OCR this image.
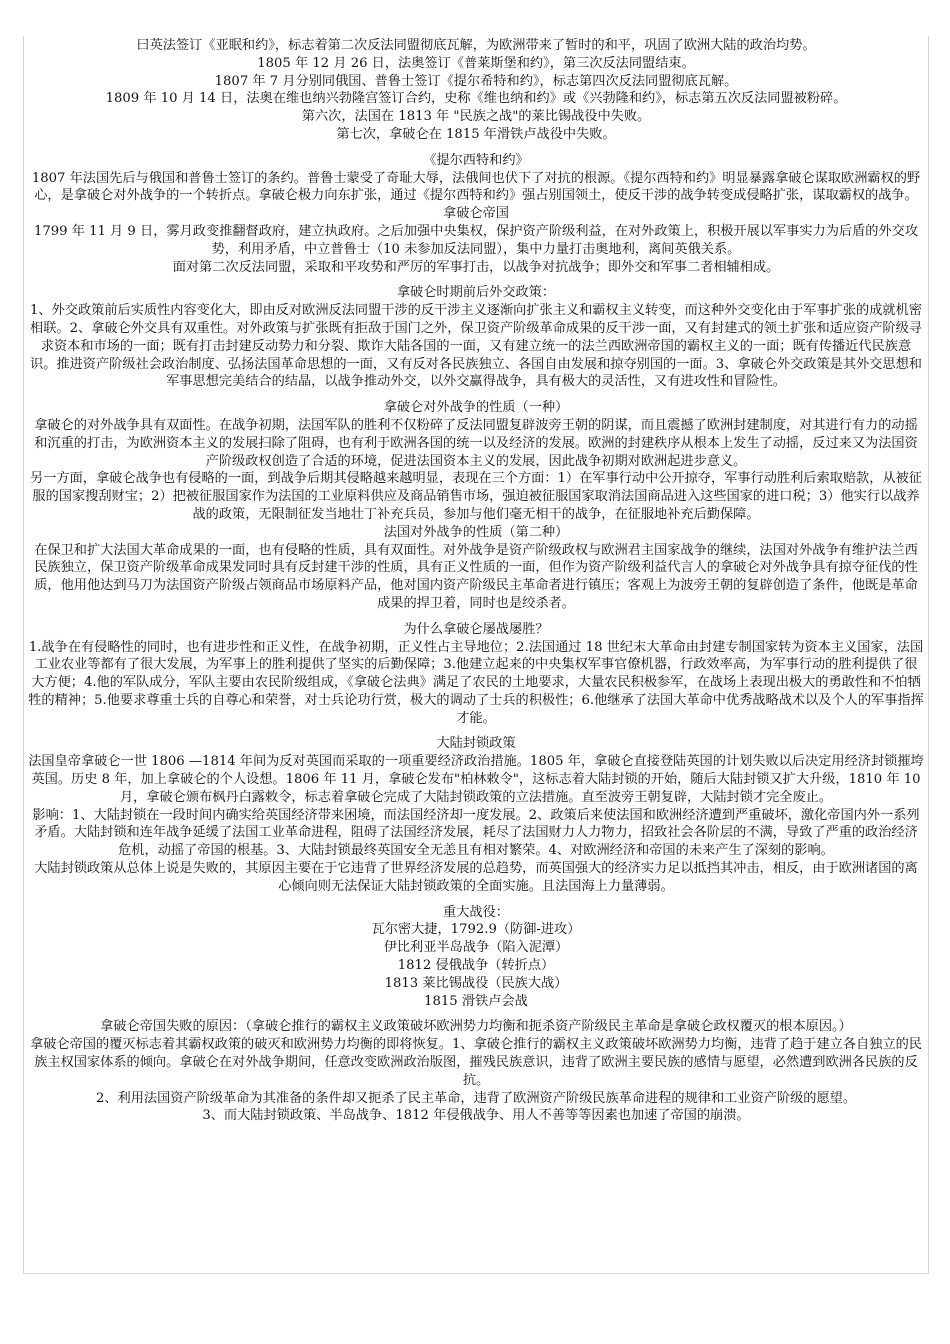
曰英法签订《亚眠和约》，标志着第二次反法同盟彻底瓦解，为欧洲带来了暂时的和平，巩固了欧洲大陆的政治均势。

1805 年 12 月 26 日，法奥签订《普莱斯堡和约》，第三次反法同盟结束。

1807 年 7 月分别同俄国、普鲁士签订《提尔希特和约》，标志第四次反法同盟彻底瓦解。

1809 年 10 月 14 日，法奥在维也纳兴勃隆宫签订合约，史称《维也纳和约》或《兴勃隆和约》，标志第五次反法同盟被粉碎。

第六次，法国在 1813 年 "民族之战"的莱比锡战役中失败。

第七次，拿破仑在 1815 年滑铁卢战役中失败。

《提尔西特和约》

1807 年法国先后与俄国和普鲁士签订的条约。普鲁士蒙受了奇耻大辱，法俄间也伏下了对抗的根源。《提尔西特和约》明显暴露拿破仑谋取欧洲霸权的野心，是拿破仑对外战争的一个转折点。拿破仑极力向东扩张，通过《提尔西特和约》强占别国领土，使反干涉的战争转变成侵略扩张，谋取霸权的战争。

拿破仑帝国

1799 年 11 月 9 日，雾月政变推翻督政府，建立执政府。之后加强中央集权，保护资产阶级利益，在对外政策上，积极开展以军事实力为后盾的外交攻势，利用矛盾，中立普鲁士（10 未参加反法同盟），集中力量打击奥地利，离间英俄关系。

面对第二次反法同盟，采取和平攻势和严厉的军事打击，以战争对抗战争；即外交和军事二者相辅相成。

拿破仑时期前后外交政策：

1、外交政策前后实质性内容变化大，即由反对欧洲反法同盟干涉的反干涉主义逐渐向扩张主义和霸权主义转变，而这种外交变化由于军事扩张的成就机密相联。2、拿破仑外交具有双重性。对外政策与扩张既有拒敌于国门之外，保卫资产阶级革命成果的反干涉一面，又有封建式的领土扩张和适应资产阶级寻求资本和市场的一面；既有打击封建反动势力和分裂、欺诈大陆各国的一面，又有建立统一的法兰西欧洲帝国的霸权主义的一面；既有传播近代民族意识。推进资产阶级社会政治制度、弘扬法国革命思想的一面，又有反对各民族独立、各国自由发展和掠夺别国的一面。3、拿破仑外交政策是其外交思想和军事思想完美结合的结晶，以战争推动外交，以外交赢得战争，具有极大的灵活性，又有进攻性和冒险性。

拿破仑对外战争的性质（一种）

拿破仑的对外战争具有双面性。在战争初期，法国军队的胜利不仅粉碎了反法同盟复辟波旁王朝的阴谋，而且震撼了欧洲封建制度，对其进行有力的动摇和沉重的打击，为欧洲资本主义的发展扫除了阻碍，也有利于欧洲各国的统一以及经济的发展。欧洲的封建秩序从根本上发生了动摇，反过来又为法国资产阶级政权创造了合适的环境，促进法国资本主义的发展，因此战争初期对欧洲起进步意义。

另一方面，拿破仑战争也有侵略的一面，到战争后期其侵略越来越明显，表现在三个方面：1）在军事行动中公开掠夺，军事行动胜利后索取赔款，从被征服的国家搜刮财宝；2）把被征服国家作为法国的工业原料供应及商品销售市场，强迫被征服国家取消法国商品进入这些国家的进口税；3）他实行以战养战的政策，无限制征发当地壮丁补充兵员，参加与他们毫无相干的战争，在征服地补充后勤保障。

法国对外战争的性质（第二种）

在保卫和扩大法国大革命成果的一面，也有侵略的性质，具有双面性。对外战争是资产阶级政权与欧洲君主国家战争的继续，法国对外战争有维护法兰西民族独立，保卫资产阶级革命成果发同时具有反封建干涉的性质，具有正义性质的一面，但作为资产阶级利益代言人的拿破仑对外战争具有掠夺征伐的性质，他用他达到马刀为法国资产阶级占领商品市场原料产品，他对国内资产阶级民主革命者进行镇压；客观上为波旁王朝的复辟创造了条件，他既是革命成果的捍卫着，同时也是绞杀者。

为什么拿破仑屡战屡胜？

1.战争在有侵略性的同时，也有进步性和正义性，在战争初期，正义性占主导地位；2.法国通过 18 世纪末大革命由封建专制国家转为资本主义国家，法国工业农业等都有了很大发展，为军事上的胜利提供了坚实的后勤保障；3.他建立起来的中央集权军事官僚机器，行政效率高，为军事行动的胜利提供了很大方便；4.他的军队成分，军队主要由农民阶级组成，《拿破仑法典》满足了农民的土地要求，大量农民积极参军，在战场上表现出极大的勇敢性和不怕牺牲的精神；5.他要求尊重士兵的自尊心和荣誉，对士兵论功行赏，极大的调动了士兵的积极性；6.他继承了法国大革命中优秀战略战术以及个人的军事指挥才能。

大陆封锁政策

法国皇帝拿破仑一世 1806 —1814 年间为反对英国而采取的一项重要经济政治措施。1805 年，拿破仑直接登陆英国的计划失败以后决定用经济封锁摧垮英国。历史 8 年，加上拿破仑的个人设想。1806 年 11 月，拿破仑发布"柏林敕令"，这标志着大陆封锁的开始，随后大陆封锁又扩大升级，1810 年 10 月，拿破仑颁布枫丹白露敕令，标志着拿破仑完成了大陆封锁政策的立法措施。直至波旁王朝复辟，大陆封锁才完全废止。

影响：1、大陆封锁在一段时间内确实给英国经济带来困境，而法国经济却一度发展。2、政策后来使法国和欧洲经济遭到严重破坏，激化帝国内外一系列矛盾。大陆封锁和连年战争延缓了法国工业革命进程，阻碍了法国经济发展，耗尽了法国财力人力物力，招致社会各阶层的不满，导致了严重的政治经济危机，动摇了帝国的根基。3、大陆封锁最终英国安全无恙且有相对繁荣。4、对欧洲经济和帝国的未来产生了深刻的影响。

大陆封锁政策从总体上说是失败的，其原因主要在于它违背了世界经济发展的总趋势，而英国强大的经济实力足以抵挡其冲击，相反，由于欧洲诸国的离心倾向则无法保证大陆封锁政策的全面实施。且法国海上力量薄弱。

重大战役：

瓦尔密大捷，1792.9（防御-进攻）

伊比利亚半岛战争（陷入泥潭）

1812 侵俄战争（转折点）

1813 莱比锡战役（民族大战）

1815 滑铁卢会战

拿破仑帝国失败的原因：（拿破仑推行的霸权主义政策破坏欧洲势力均衡和扼杀资产阶级民主革命是拿破仑政权覆灭的根本原因。）

拿破仑帝国的覆灭标志着其霸权政策的破灭和欧洲势力均衡的即将恢复。1、拿破仑推行的霸权主义政策破坏欧洲势力均衡，违背了趋于建立各自独立的民族主权国家体系的倾向。拿破仑在对外战争期间，任意改变欧洲政治版图，摧残民族意识，违背了欧洲主要民族的感情与愿望，必然遭到欧洲各民族的反抗。

2、利用法国资产阶级革命为其准备的条件却又扼杀了民主革命，违背了欧洲资产阶级民族革命进程的规律和工业资产阶级的愿望。

3、而大陆封锁政策、半岛战争、1812 年侵俄战争、用人不善等等因素也加速了帝国的崩溃。
